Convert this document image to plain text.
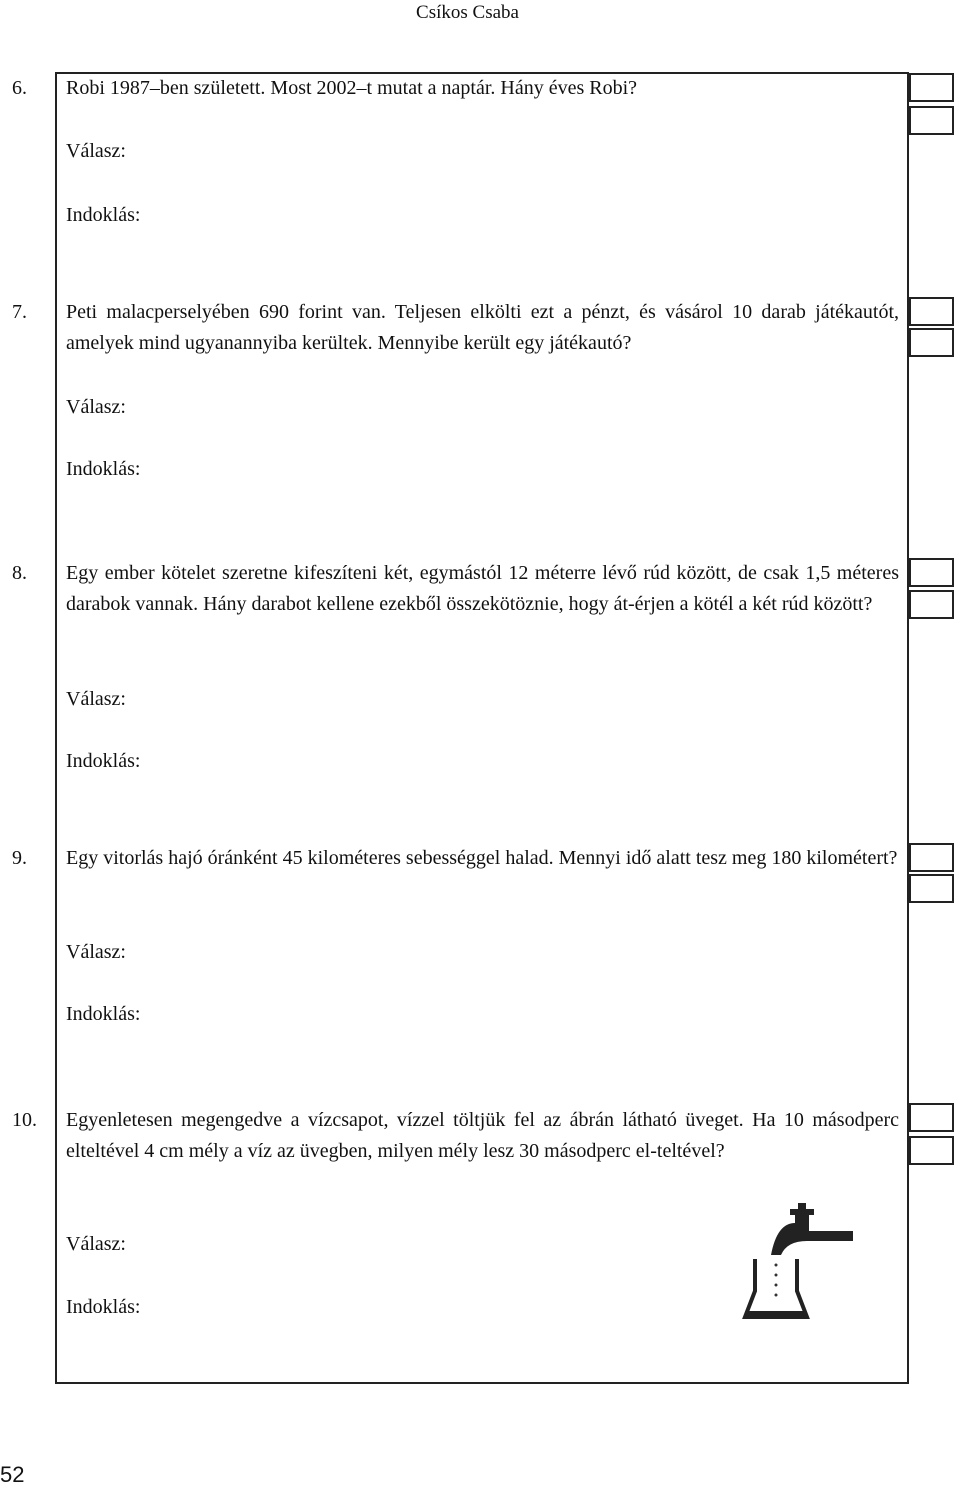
Csíkos Csaba
6.	Robi 1987–ben született. Most 2002–t mutat a naptár. Hány éves Robi?
Válasz:
Indoklás:
7.	Peti malacperselyében 690 forint van. Teljesen elkölti ezt a pénzt, és vásárol 10 darab játékautót, amelyek mind ugyanannyiba kerültek. Mennyibe került egy játékautó?
Válasz:
Indoklás:
8.	Egy ember kötelet szeretne kifeszíteni két, egymástól 12 méterre lévő rúd között, de csak 1,5 méteres darabok vannak. Hány darabot kellene ezekből összekötöznie, hogy át-érjen a kötél a két rúd között?
Válasz:
Indoklás:
9.	Egy vitorlás hajó óránként 45 kilométeres sebességgel halad. Mennyi idő alatt tesz meg 180 kilométert?
Válasz:
Indoklás:
10.	Egyenletesen megengedve a vízcsapot, vízzel töltjük fel az ábrán látható üveget. Ha 10 másodperc elteltével 4 cm mély a víz az üvegben, milyen mély lesz 30 másodperc el-teltével?
Válasz:
Indoklás:
52
